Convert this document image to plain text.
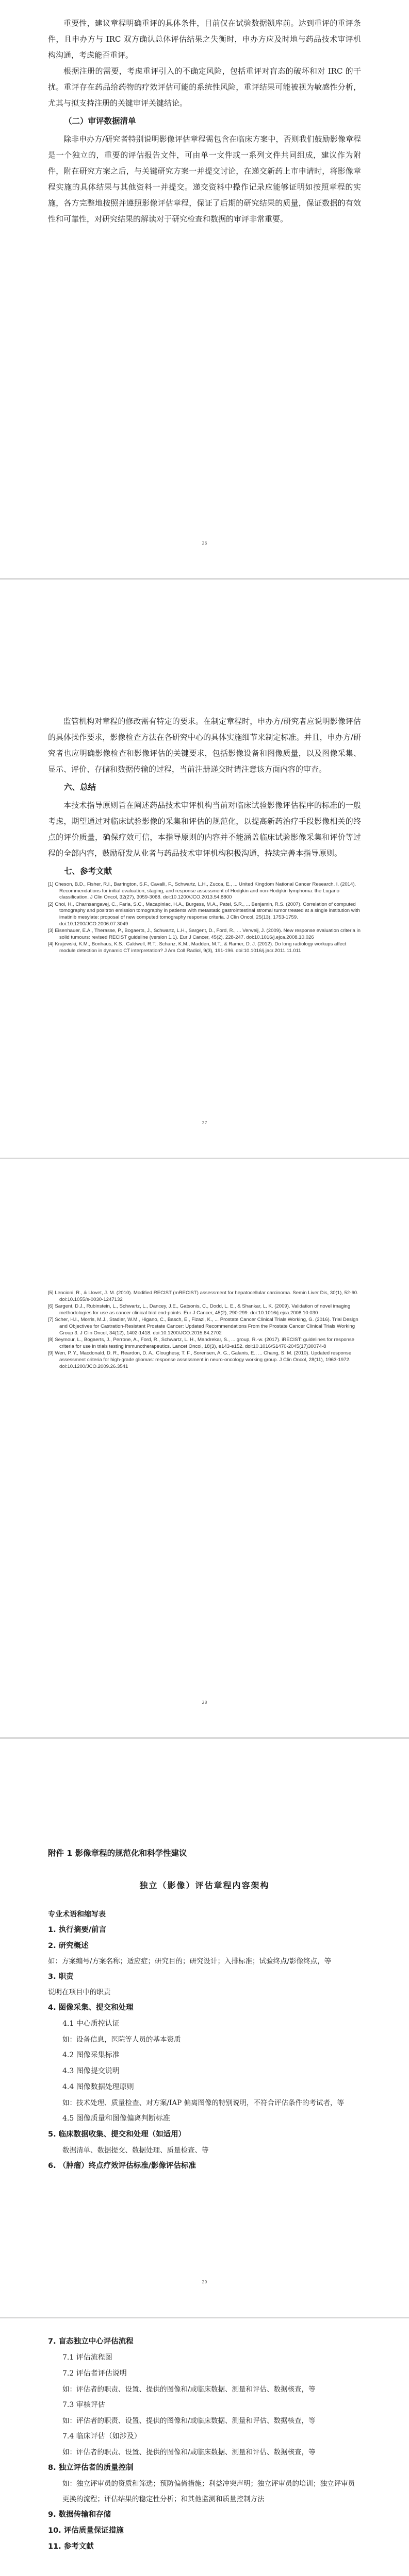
重要性，建议章程明确重评的具体条件，目前仅在试验数据锁库前。达到重评的重评条件，且申办方与 IRC 双方确认总体评估结果之失衡时，申办方应及时地与药品技术审评机构沟通，考虑能否重评。

根据注册的需要，考虑重评引入的不确定风险，包括重评对盲态的破坏和对 IRC 的干扰。重评存在药品给药物的疗效评估可能的系统性风险，重评结果可能被视为敏感性分析，尤其与拟支持注册的关键审评关键结论。

（二）审评数据清单

除非申办方/研究者特别说明影像评估章程需包含在临床方案中，否则我们鼓励影像章程是一个独立的，重要的评估报告文件，可由单一文件或一系列文件共同组成，建议作为附件，附在研究方案之后，与关键研究方案一并提交讨论，在递交新药上市申请时，将影像章程实施的具体结果与其他资料一并提交。递交资料中操作记录应能够证明如按照章程的实施，各方完整地按照并遵照影像评估章程，保证了后期的研究结果的质量，保证数据的有效性和可靠性，对研究结果的解读对于研究检查和数据的审评非常重要。

26

监管机构对章程的修改需有特定的要求。在制定章程时，申办方/研究者应说明影像评估的具体操作要求，影像检查方法在各研究中心的具体实施细节来制定标准。并且，申办方/研究者也应明确影像检查和影像评估的关键要求，包括影像设备和图像质量，以及图像采集、显示、评价、存储和数据传输的过程，当前注册递交时请注意该方面内容的审查。

六、总结

本技术指导原则旨在阐述药品技术审评机构当前对临床试验影像评估程序的标准的一般考虑，期望通过对临床试验影像的采集和评估的规范化，以提高新药治疗手段影像相关的终点的评价质量，确保疗效可信，本指导原则的内容并不能涵盖临床试验影像采集和评价等过程的全部内容，鼓励研发从业者与药品技术审评机构积极沟通，持续完善本指导原则。

七、参考文献

[1] Cheson, B.D., Fisher, R.I., Barrington, S.F., Cavalli, F., Schwartz, L.H., Zucca, E., ... United Kingdom National Cancer Research. I. (2014). Recommendations for initial evaluation, staging, and response assessment of Hodgkin and non-Hodgkin lymphoma: the Lugano classification. J Clin Oncol, 32(27), 3059-3068. doi:10.1200/JCO.2013.54.8800

[2] Choi, H., Charnsangavej, C., Faria, S.C., Macapinlac, H.A., Burgess, M.A., Patel, S.R., ... Benjamin, R.S. (2007). Correlation of computed tomography and positron emission tomography in patients with metastatic gastrointestinal stromal tumor treated at a single institution with imatinib mesylate: proposal of new computed tomography response criteria. J Clin Oncol, 25(13), 1753-1759. doi:10.1200/JCO.2006.07.3049

[3] Eisenhauer, E.A., Therasse, P., Bogaerts, J., Schwartz, L.H., Sargent, D., Ford, R., ... Verweij, J. (2009). New response evaluation criteria in solid tumours: revised RECIST guideline (version 1.1). Eur J Cancer, 45(2), 228-247. doi:10.1016/j.ejca.2008.10.026

[4] Krajewski, K.M., Bonhaus, K.S., Caldwell, R.T., Schanz, K.M., Madden, M.T., & Ramer, D. J. (2012). Do long radiology workups affect module detection in dynamic CT interpretation? J Am Coll Radiol, 9(3), 191-196. doi:10.1016/j.jacr.2011.11.011

27

[5] Lencioni, R., & Llovet, J. M. (2010). Modified RECIST (mRECIST) assessment for hepatocellular carcinoma. Semin Liver Dis, 30(1), 52-60. doi:10.1055/s-0030-1247132

[6] Sargent, D.J., Rubinstein, L., Schwartz, L., Dancey, J.E., Gatsonis, C., Dodd, L. E., & Shankar, L. K. (2009). Validation of novel imaging methodologies for use as cancer clinical trial end-points. Eur J Cancer, 45(2), 290-299. doi:10.1016/j.ejca.2008.10.030

[7] Scher, H.I., Morris, M.J., Stadler, W.M., Higano, C., Basch, E., Fizazi, K., ... Prostate Cancer Clinical Trials Working, G. (2016). Trial Design and Objectives for Castration-Resistant Prostate Cancer: Updated Recommendations From the Prostate Cancer Clinical Trials Working Group 3. J Clin Oncol, 34(12), 1402-1418. doi:10.1200/JCO.2015.64.2702

[8] Seymour, L., Bogaerts, J., Perrone, A., Ford, R., Schwartz, L. H., Mandrekar, S., ... group, R.-w. (2017). iRECIST: guidelines for response criteria for use in trials testing immunotherapeutics. Lancet Oncol, 18(3), e143-e152. doi:10.1016/S1470-2045(17)30074-8

[9] Wen, P. Y., Macdonald, D. R., Reardon, D. A., Cloughesy, T. F., Sorensen, A. G., Galanis, E., ... Chang, S. M. (2010). Updated response assessment criteria for high-grade gliomas: response assessment in neuro-oncology working group. J Clin Oncol, 28(11), 1963-1972. doi:10.1200/JCO.2009.26.3541

28

附件 1 影像章程的规范化和科学性建议

独立（影像）评估章程内容架构

专业术语和缩写表

1. 执行摘要/前言

2. 研究概述

如：方案编号/方案名称；适应症；研究目的；研究设计；入排标准；试验终点/影像终点，等

3. 职责

说明在项目中的职责

4. 图像采集、提交和处理

4.1 中心质控认证

如：设备信息，医院等人员的基本资质

4.2 图像采集标准

4.3 图像提交说明

4.4 图像数据处理原则

如：技术处理、质量检查、对方案/IAP 偏离图像的特别说明，不符合评估条件的考试者，等

4.5 图像质量和图像偏离判断标准

5. 临床数据收集、提交和处理（如适用）

数据清单、数据提交、数据处理、质量检查、等

6. （肿瘤）终点疗效评估标准/影像评估标准

29

7. 盲态独立中心评估流程

7.1 评估流程图

7.2 评估者评估说明

如：评估者的职责、设置、提供的图像和/或临床数据、测量和评估、数据核查，等

7.3 审核评估

如：评估者的职责、设置、提供的图像和/或临床数据、测量和评估、数据核查，等

7.4 临床评估（如涉及）

如：评估者的职责、设置、提供的图像和/或临床数据、测量和评估、数据核查，等

8. 独立评估者的质量控制

如：独立评审员的资质和筛选；预防偏倚措施；利益冲突声明；独立评审员的培训；独立评审员更换的流程；评估结果的稳定性分析；和其他监测和质量控制方法

9. 数据传输和存储

10. 评估质量保证措施

11. 参考文献
